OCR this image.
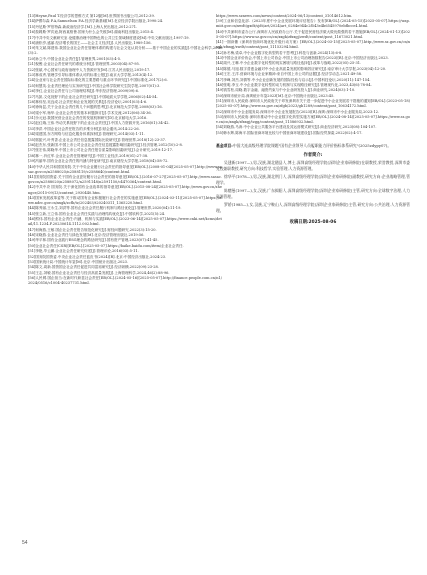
[13]Heyne,Paul T.经济学的思维方式 第12版[M].世界图书出版公司,2012:39.

[14]萨缪尔森 P.A,Samuelson P.A.经济学新基础[M].北京经济学院出版社,1990:24.

[15]丹尼斯·罗伯特森.新政治经济学.[M].上海人民出版社,2012:271.

[16]詹姆斯·罗宾逊,阿西莫格鲁.国家为什么会失败[M].湖南科技出版社,2015:4.

[17]中共中央文献研究室.论健康治理中国特色的公共卫生领域制度建设[M].中央文献出版社,1997:19.

[18]唐松亭,盛丽.经济增长的国王——社会主义经济[J].人民出版社,1989:156.

[19]朱文斌,陈建伟.我国企业社会责任管理体系的构建与社会文化认同分析——基于中国企业的实践[J].中国社会科学,2000(3):2.

[20]孙立中,中国企业社会责任[J].管理世界,2001(03):4-5.

[21]倪俊.企业社会责任研究的系统分析[J].管理世界,2003(04):87-95.

[22]张斌,中心国家与政府治理中人力资源开发[M].江苏人民出版社,2019:17.

[23]林成秀,管理学引导标准体系认可的标准公报[J].南京大学学报,2013(4):12.

[24]企业家与社会责任国际标准化的主要思路与重点环节研究[J].中国标准化,2017(2):6.

[25]何慧英.企业责任理论与实务研究[J].中国社会科学院研究生院学报,2007(01):3.

[26]李红,企业社会责任与公司治理结构[J].华东经济管理,2009(09):6.

[27]马凯.文化视野下的企业社会责任研究[J].中国地质大学学报,2006(02):44-54.

[28]林伟坚,吴良成.社会责任和企业发展的关系[J].经济论坛,2001(03):4-6.

[29]徐尚昆,关于企业社会责任的几个问题的思考[J].北京师范大学学报,2008(03):16.

[30]梁小军,杨华.企业社会责任的基本问题探讨[J].学术交流,2012(06):34-36.

[31]佘元冠.我国民营企业社会责任的发展机制研究[D].北京邮电大学,2016.

[32]赵红娥,王伟.劳动关系视野下的企业社会责任[J].中国人力资源开发,2016(01):34-42.

[33]李洪.中国企业社会责任报告的多维分析[J].财会通讯,2014:22-26.

[34]梁建国,东方网络与信息化服务体系探析[J].管理研究,2014(03):1-11.

[35]郭振兴,叶秀香.企业社会责任信息披露国际比较研究[J].管理世界,2018(12):23-37.

[36]赵杰东,张新国.中国上市公司企业社会责任信息披露影响因素研究[J].经济管理,2012(10):2-8.

[37]张宏伟,陈晓华.中国上市公司社会责任报告质量影响因素研究[J].会计研究,2019:12-17.

[38]林一,肖红军.企业社会责任管理研究[J].中国工业经济,2019(01):27-38.

[39]冯丽华.国有企业社会责任的内涵与特征研究[J].南京财经大学学报,2018(04):58-72.

[40]中华人民共和国国务院.关于中央企业履行社会责任的指导意见[EB/OL].(2008-01-04)[2025-05-07].http://www.sasac.gov.cn/n2588025/n2588119/c2588640/content.html.

[41]国务院国资委.关于国有企业更好履行社会责任的指导意见[EB/OL].(2016-07-27)[2025-05-07].http://www.sasac.gov.cn/n2588020/n2588072/n2591148/n2591150/c4470364/content.html.

[42]中共中央 国务院.关于深化国有企业改革的指导意见[EB/OL].(2015-08-24)[2025-05-07].http://www.gov.cn/zhengce/2015-09/13/content_2930440.htm.

[43]国家发展改革委等.关于推动国有企业积极履行社会责任的实施意见[EB/OL].(2024-03-11)[2025-05-07].https://www.ndrc.gov.cn/xxgk/zcfb/tz/202403/t20240311_1365220.html.

[44]陈秀丽,王永生,刘洪等.国有企业社会责任履行机制与路径优化[J].管理世界,2020(04):11-19.

[45]张立新,王立伟.国有企业社会责任实践与治理结构优化[J].中国软科学,2021(5):24.

[46]熊伟.国有企业社会责任:内涵、机制与实践[EB/OL].(2023-06-14)[2025-05-07].https://www.cnki.net/kcms/detail/11.1234.F.20230614.1112.002.html.

[47]何海燕,王敏.国企社会责任报告规范化研究[J].财经问题研究,2022(3):15-20.

[48]宋晓燕.企业社会责任与绿色发展[M].北京:经济管理出版社,2019:56.

[49]华平林.国有企业践行ESG理念的路径研究[J].国有资产管理,2023(07):41-45.

[50]企业社会责任(CSR)[EB/OL].[2025-05-07].https://baike.baidu.com/item/企业社会责任.

[51]李艳,毕云鹏.企业社会责任研究综述[J].管理评论,2016(03):5-11.

[52]国务院国资委.中央企业社会责任蓝皮书(2024)[R].北京:中国经济出版社,2024:23.

[53]国家统计局.中国统计年鉴[M].北京:中国统计出版社,2023.

[54]陈文,周新.国资国企社会责任促进共同富裕研究[J].经济纵横,2022(09):23-28.

[55]王志,刘敏.国有企业社会责任与经济高质量发展[J].上海管理科学,2024,46(2):88-96.

[56]人民网.国企担当:在新时代彰显社会责任[EB/OL].(2024-05-16)[2025-05-07].http://finance.people.com.cn/n1/2024/0516/c1004-40237731.html.

https://www.sznews.com/news/content/2024-06/13/content_31014612.htm.

[39]工业和信息化部.《2023年度中小企业发展环境评估报告》发布[EB/OL].(2024-05-15)[2025-05-07].https://wap.miit.gov.cn/xwdt/gxdt/sjdt/art/2024/art_0284e944c2f543e4b6545970ebfbcce4.html.

[40]中共深圳市委办公厅,深圳市人民政府办公厅.关于促进民营经济做大做优做强的若干措施[EB/OL].(2024-01-13)[2025-05-07].https://www.sz.gov.cn/cn/xxgk/zfxxgj/zwdt/content/post_11673021.html.

[41]一图读懂《深圳市营商环境优化升级行动方案》[EB/OL].(2024-03-15)[2025-05-07].http://www.sz.gov.cn/cn/xxgk/zfxxgj/zwdt/content/post_11153294.html.

[42]孙冬梅,梁卓,中小企业数字化转型的若干思考[J].科技与创新,2024(13):6-8.

[43]中国企业评价协会,中国上市公司协会.中国上市公司治理指数报告(2023)[R].北京:中国经济出版社,2023.

[44]周兴,王琳.中小企业数字化转型的现实困境与路径选择[J].改革与战略,2022(05):25-31.

[45]陈德,马旭.数字普惠金融对中小企业高质量发展的影响效应研究[J].南京审计大学学报,2023(04):12-20.

[46]王宏,王洋.营商环境与企业家精神:来自中国上市公司的证据[J].经济学动态,2021:49-58.

[47]李峰,刘杰,刘倩等.中小企业创新发展的国际经验与启示[J].中国科技论坛,2020(11):147-154.

[48]张明,李玉.中小企业数字化转型的动力机制与实现路径研究[J].管理现代化,2023,43(6):78-84.

[49]钱雪松,周晓.数字金融、融资约束与中小企业研发投入[J].商业研究,2024(03):1-10.

[50]深圳市统计局.深圳统计年鉴2023[M].北京:中国统计出版社,2023:45.

[51]深圳市人民政府.深圳市人民政府关于印发深圳市关于进一步促进中小企业发展若干措施的通知[EB/OL].(2023-05-18)[2025-05-07].http://www.sz.gov.cn/zfgb/2023/gb1289/content/post_10634172.html.

[52]深圳市中小企业服务局.深圳市中小企业发展报告(2023)[R].深圳:深圳市中小企业服务局,2023:12.

[53]深圳市人民政府.深圳市推动中小企业数字化转型实施方案[EB/OL].(2024-08-14)[2025-05-07].https://www.sz.gov.cn/cn/xxgk/zfxxgj/tzgg/content/post_11586932.html.

[54]刘晓燕,马涛.中小企业公共服务平台建设及其运营模式研究[J].商业经济研究,2023(08):104-107.

[55]韩永辉,陈海平.国际营商环境比较与中国营商环境建设[J].国际经贸探索,2022(02):4-17.

基金项目:中国大连高级经理学院课题"国有企业领导人员履职能力评价指标体系研究"(2025zdypy07)。

作者简介:

吴建新(1997—),男,汉族,湖北随县人,博士,深圳高级经理学院(深圳企业家研修院)在职教授,荣誉教授,深圳市委党校兼职教授,研究方向:科技哲学,实验管理,人力资源管理。

徐华平(1978—),男,汉族,湖北荆门人,深圳高级经理学院(深圳企业家研修院)副教授,研究方向:企业战略管理,管理学。

陈穗曼(1997—),女,汉族,广东揭阳人,深圳高级经理学院(深圳企业家研修院)主管,研究方向:全球数字治理,人力资源管理。

罗娇(1985—),女,汉族,辽宁鞍山人,深圳高级经理学院(深圳企业家研修院)主管,研究方向:公共治理,人力资源管理。

收稿日期:2025-08-06
54
